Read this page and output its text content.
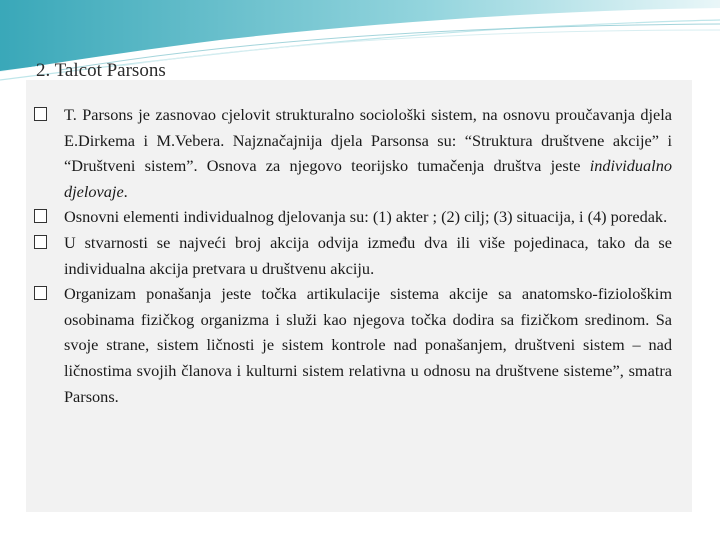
2. Talcot Parsons

T. Parsons je zasnovao cjelovit strukturalno sociološki sistem, na osnovu proučavanja djela E.Dirkema i M.Vebera. Najznačajnija djela Parsonsa su: “Struktura društvene akcije” i “Društveni sistem”. Osnova za njegovo teorijsko tumačenja društva jeste individualno djelovaje.

Osnovni elementi individualnog djelovanja su: (1) akter ; (2) cilj; (3) situacija, i (4) poredak.

U stvarnosti se najveći broj akcija odvija između dva ili više pojedinaca, tako da se individualna akcija pretvara u društvenu akciju.

Organizam ponašanja jeste točka artikulacije sistema akcije sa anatomsko-fiziološkim osobinama fizičkog organizma i služi kao njegova točka dodira sa fizičkom sredinom. Sa svoje strane, sistem ličnosti je sistem kontrole nad ponašanjem, društveni sistem – nad ličnostima svojih članova i kulturni sistem relativna u odnosu na društvene sisteme”, smatra Parsons.
